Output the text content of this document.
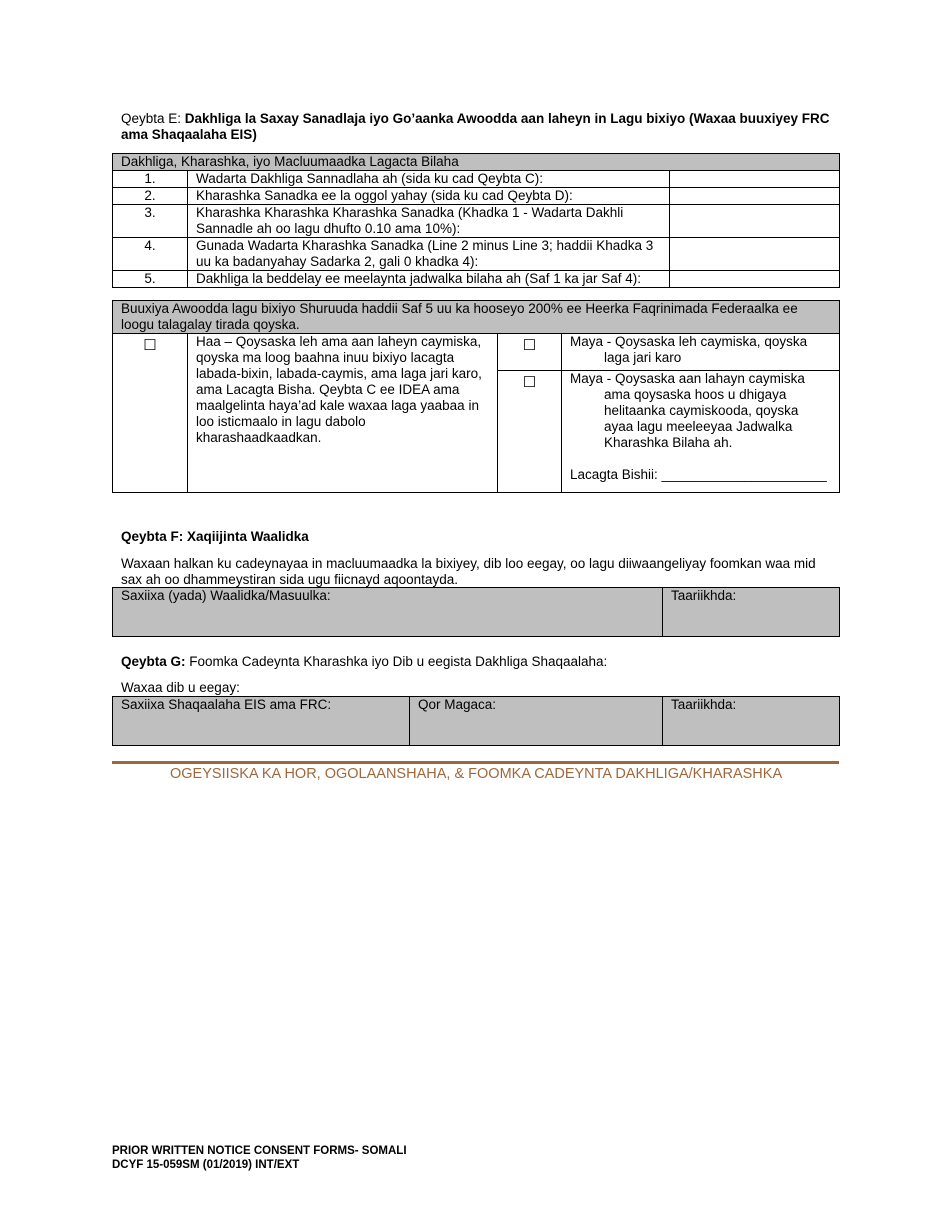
Qeybta E: Dakhliga la Saxay Sanadlaja iyo Go’aanka Awoodda aan laheyn in Lagu bixiyo (Waxaa buuxiyey FRC ama Shaqaalaha EIS)
Dakhliga, Kharashka, iyo Macluumaadka Lagacta Bilaha		
1.	Wadarta Dakhliga Sannadlaha ah (sida ku cad Qeybta C):	
2.	Kharashka Sanadka ee la oggol yahay (sida ku cad Qeybta D):	
3.	Kharashka Kharashka Kharashka Sanadka (Khadka 1 - Wadarta Dakhli Sannadle ah oo lagu dhufto 0.10 ama 10%):	
4.	Gunada Wadarta Kharashka Sanadka (Line 2 minus Line 3; haddii Khadka 3 uu ka badanyahay Sadarka 2, gali 0 khadka 4):	
5.	Dakhliga la beddelay ee meelaynta jadwalka bilaha ah (Saf 1 ka jar Saf 4):	
Buuxiya Awoodda lagu bixiyo Shuruuda haddii Saf 5 uu ka hooseyo 200% ee Heerka Faqrinimada Federaalka ee loogu talagalay tirada qoyska.			
☐	Haa – Qoysaska leh ama aan laheyn caymiska, qoyska ma loog baahna inuu bixiyo lacagta labada-bixin, labada-caymis, ama laga jari karo, ama Lacagta Bisha. Qeybta C ee IDEA ama maalgelinta haya’ad kale waxaa laga yaabaa in loo isticmaalo in lagu dabolo kharashaadkaadkan.	☐	Maya - Qoysaska leh caymiska, qoyska laga jari karo

		☐	Maya - Qoysaska aan lahayn caymiska ama qoysaska hoos u dhigaya helitaanka caymiskooda, qoyska ayaa lagu meeleeyaa Jadwalka Kharashka Bilaha ah.
Lacagta Bishii: ______________________
Qeybta F: Xaqiijinta Waalidka
Waxaan halkan ku cadeynayaa in macluumaadka la bixiyey, dib loo eegay, oo lagu diiwaangeliyay foomkan waa mid sax ah oo dhammeystiran sida ugu fiicnayd aqoontayda.
Saxiixa (yada) Waalidka/Masuulka:	Taariikhda:
Qeybta G: Foomka Cadeynta Kharashka iyo Dib u eegista Dakhliga Shaqaalaha:
Waxaa dib u eegay:
Saxiixa Shaqaalaha EIS ama FRC:	Qor Magaca:	Taariikhda:
OGEYSIISKA KA HOR, OGOLAANSHAHA, & FOOMKA CADEYNTA DAKHLIGA/KHARASHKA
PRIOR WRITTEN NOTICE CONSENT FORMS- SOMALI
DCYF 15-059SM (01/2019) INT/EXT
